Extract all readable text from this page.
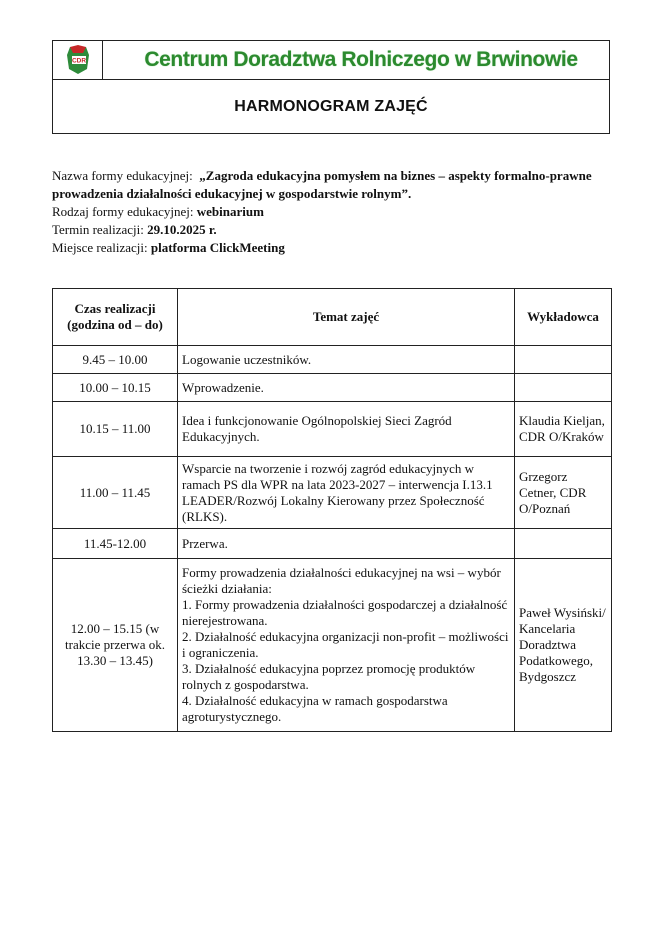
CDR	Centrum Doradztwa Rolniczego w Brwinowie
HARMONOGRAM ZAJĘĆ

Nazwa formy edukacyjnej: „Zagroda edukacyjna pomysłem na biznes – aspekty formalno-prawne prowadzenia działalności edukacyjnej w gospodarstwie rolnym”.

Rodzaj formy edukacyjnej: webinarium

Termin realizacji: 29.10.2025 r.

Miejsce realizacji: platforma ClickMeeting

Czas realizacji (godzina od – do)	Temat zajęć	Wykładowca
9.45 – 10.00	Logowanie uczestników.	

10.00 – 10.15	Wprowadzenie.	

10.15 – 11.00	Idea i funkcjonowanie Ogólnopolskiej Sieci Zagród Edukacyjnych.	Klaudia Kieljan, CDR O/Kraków
11.00 – 11.45	Wsparcie na tworzenie i rozwój zagród edukacyjnych w ramach PS dla WPR na lata 2023-2027 – interwencja I.13.1 LEADER/Rozwój Lokalny Kierowany przez Społeczność (RLKS).	Grzegorz Cetner, CDR O/Poznań
11.45-12.00	Przerwa.	

12.00 – 15.15 (w trakcie przerwa ok. 13.30 – 13.45)	Formy prowadzenia działalności edukacyjnej na wsi – wybór ścieżki działania:
1. Formy prowadzenia działalności gospodarczej a działalność nierejestrowana.
2. Działalność edukacyjna organizacji non-profit – możliwości i ograniczenia.
3. Działalność edukacyjna poprzez promocję produktów rolnych z gospodarstwa.
4. Działalność edukacyjna w ramach gospodarstwa agroturystycznego.	Paweł Wysiński/ Kancelaria Doradztwa Podatkowego, Bydgoszcz
